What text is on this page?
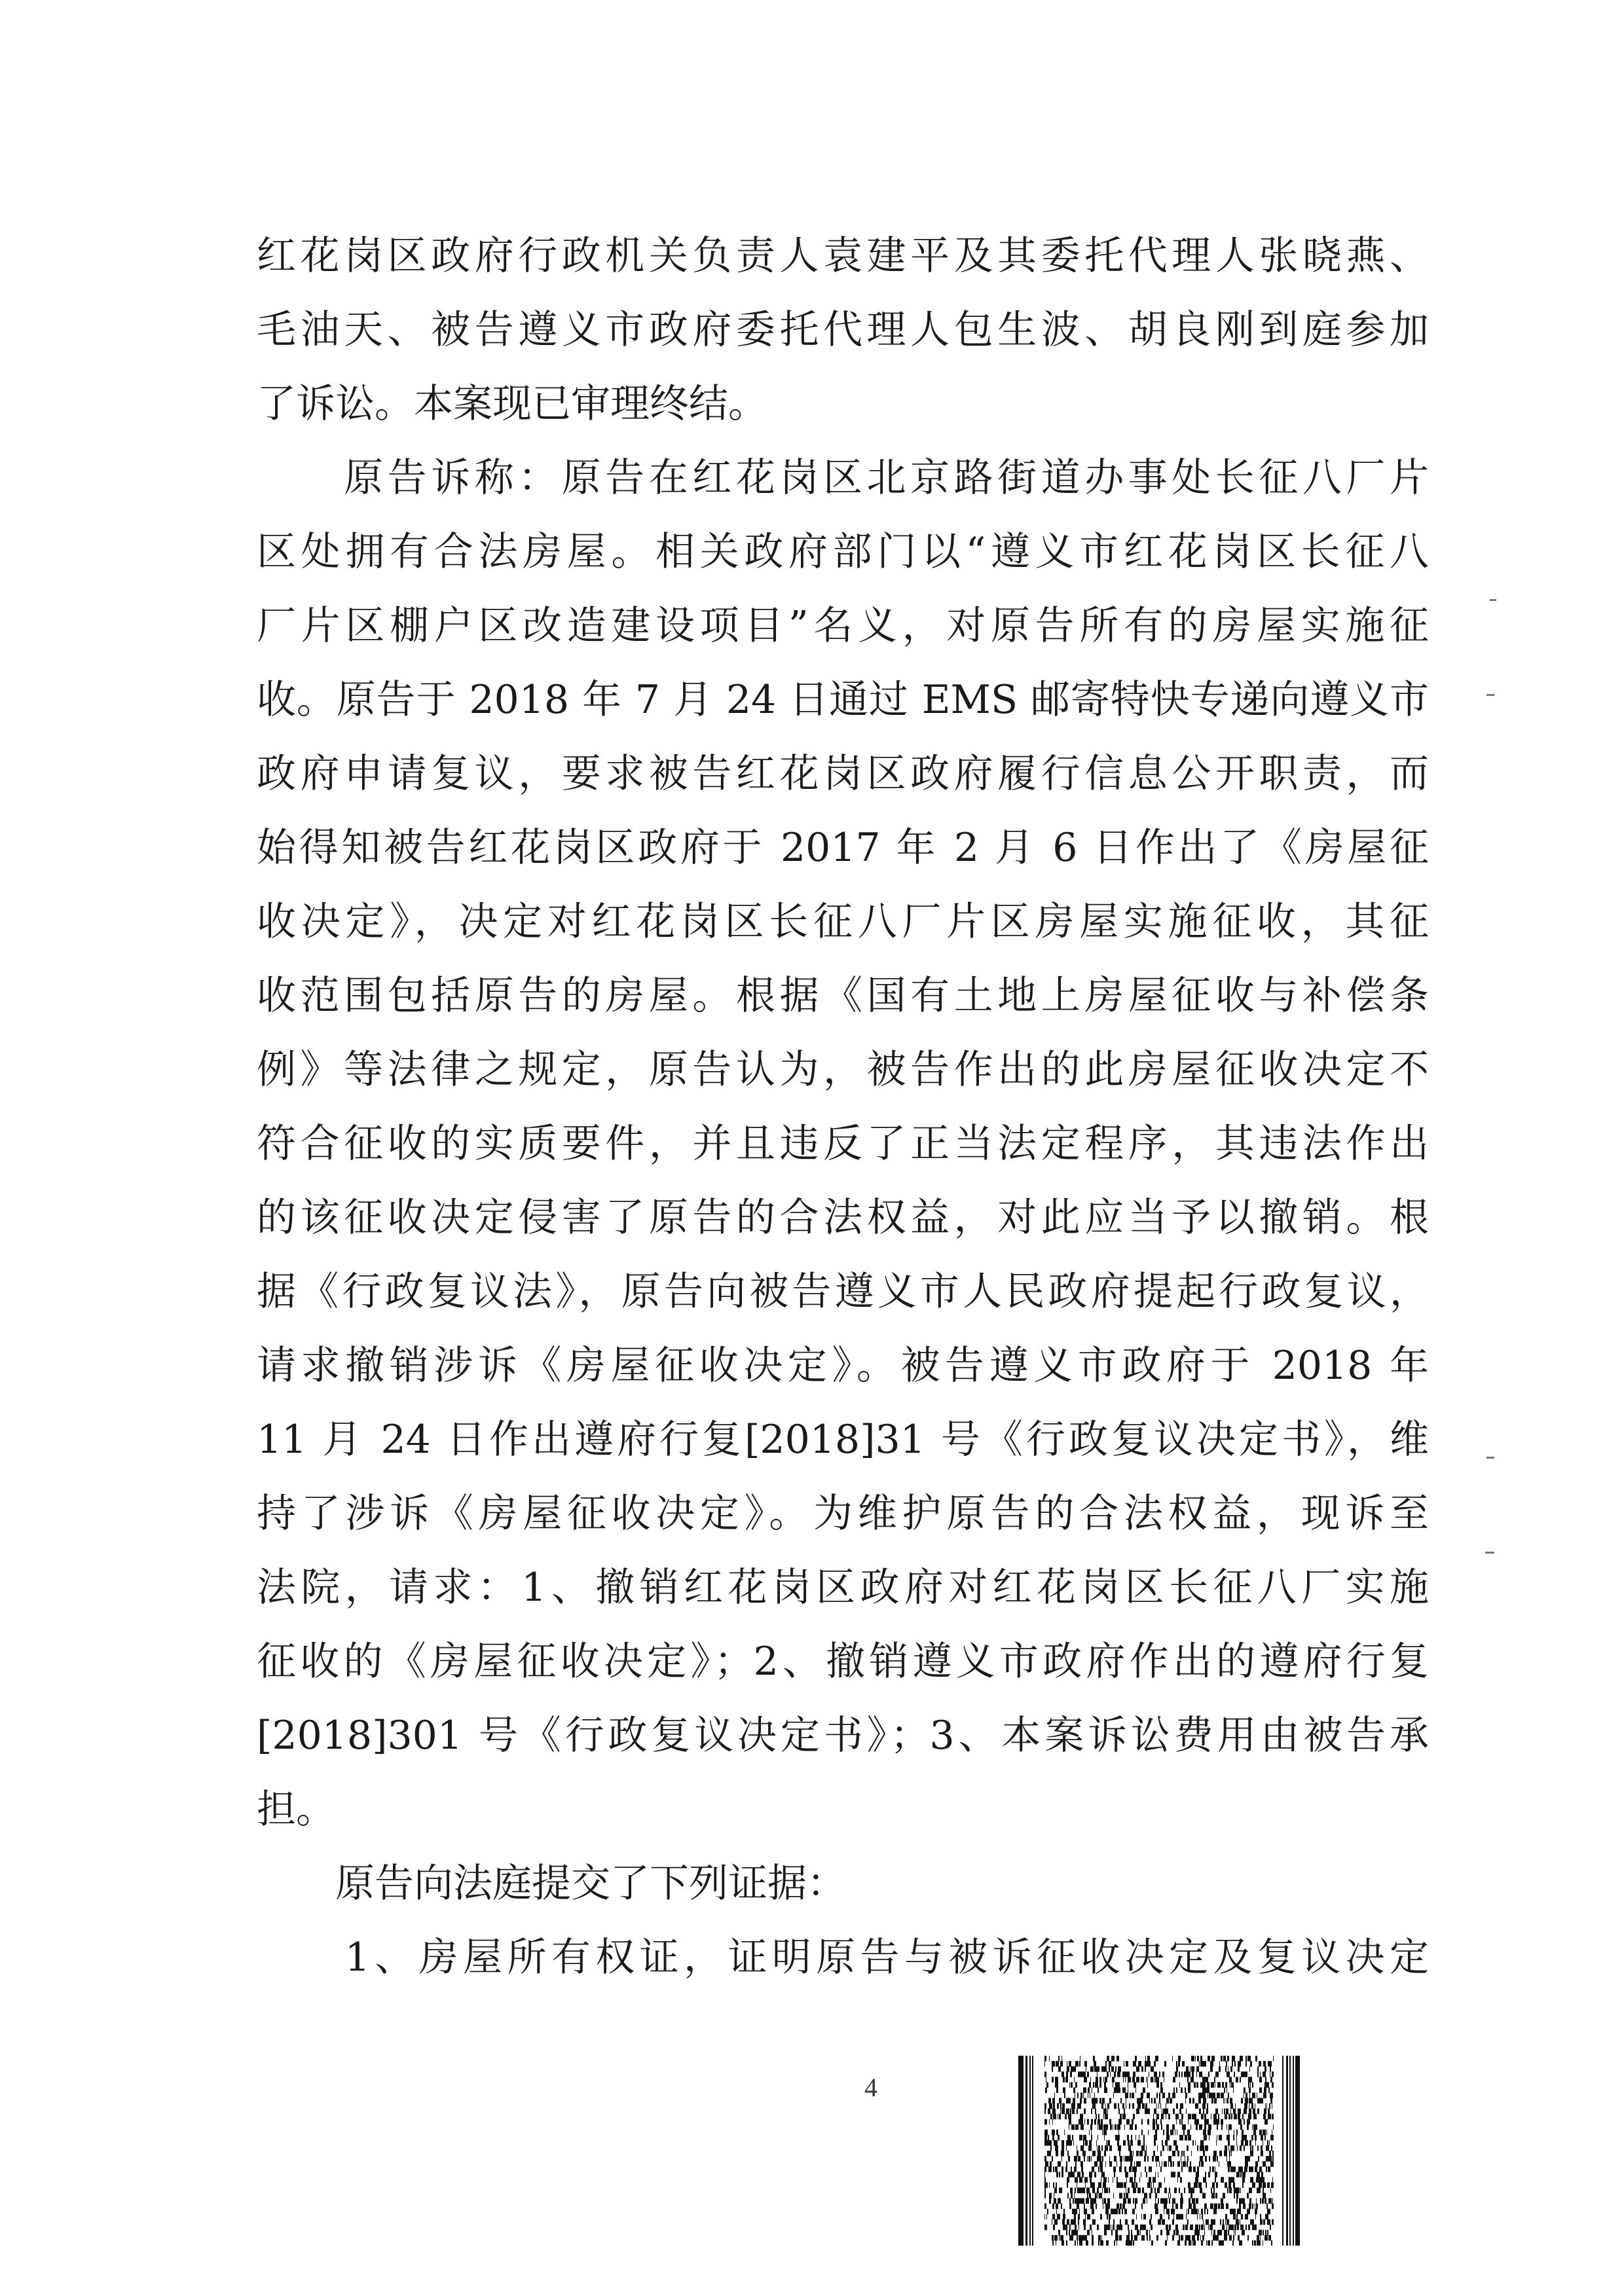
红花岗区政府行政机关负责人袁建平及其委托代理人张晓燕、
毛油天、被告遵义市政府委托代理人包生波、胡良刚到庭参加
了诉讼。本案现已审理终结。
　　原告诉称：原告在红花岗区北京路街道办事处长征八厂片
区处拥有合法房屋。相关政府部门以“遵义市红花岗区长征八
厂片区棚户区改造建设项目”名义，对原告所有的房屋实施征
收。原告于 2018 年 7 月 24 日通过 EMS 邮寄特快专递向遵义市
政府申请复议，要求被告红花岗区政府履行信息公开职责，而
始得知被告红花岗区政府于 2017 年 2 月 6 日作出了《房屋征
收决定》，决定对红花岗区长征八厂片区房屋实施征收，其征
收范围包括原告的房屋。根据《国有土地上房屋征收与补偿条
例》等法律之规定，原告认为，被告作出的此房屋征收决定不
符合征收的实质要件，并且违反了正当法定程序，其违法作出
的该征收决定侵害了原告的合法权益，对此应当予以撤销。根
据《行政复议法》，原告向被告遵义市人民政府提起行政复议，
请求撤销涉诉《房屋征收决定》。被告遵义市政府于 2018 年
11 月 24 日作出遵府行复[2018]31 号《行政复议决定书》，维
持了涉诉《房屋征收决定》。为维护原告的合法权益，现诉至
法院，请求：1、撤销红花岗区政府对红花岗区长征八厂实施
征收的《房屋征收决定》；2、撤销遵义市政府作出的遵府行复
[2018]301 号《行政复议决定书》；3、本案诉讼费用由被告承
担。
　　原告向法庭提交了下列证据：
　　1、房屋所有权证，证明原告与被诉征收决定及复议决定
4
